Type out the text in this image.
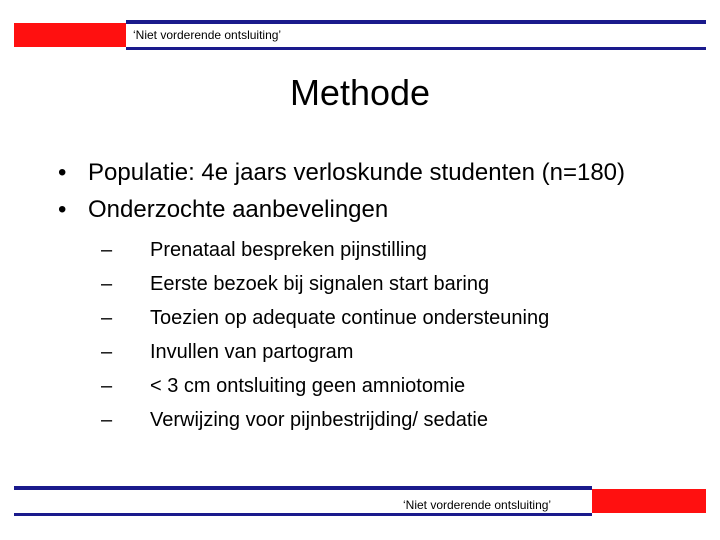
‘Niet vorderende ontsluiting’
Methode
• Populatie: 4e jaars verloskunde studenten (n=180)
• Onderzochte aanbevelingen
–	Prenataal bespreken pijnstilling
–	Eerste bezoek bij signalen start baring
–	Toezien op adequate continue ondersteuning
–	Invullen van partogram
–	< 3 cm ontsluiting geen amniotomie
–	Verwijzing voor pijnbestrijding/ sedatie
‘Niet vorderende ontsluiting’
